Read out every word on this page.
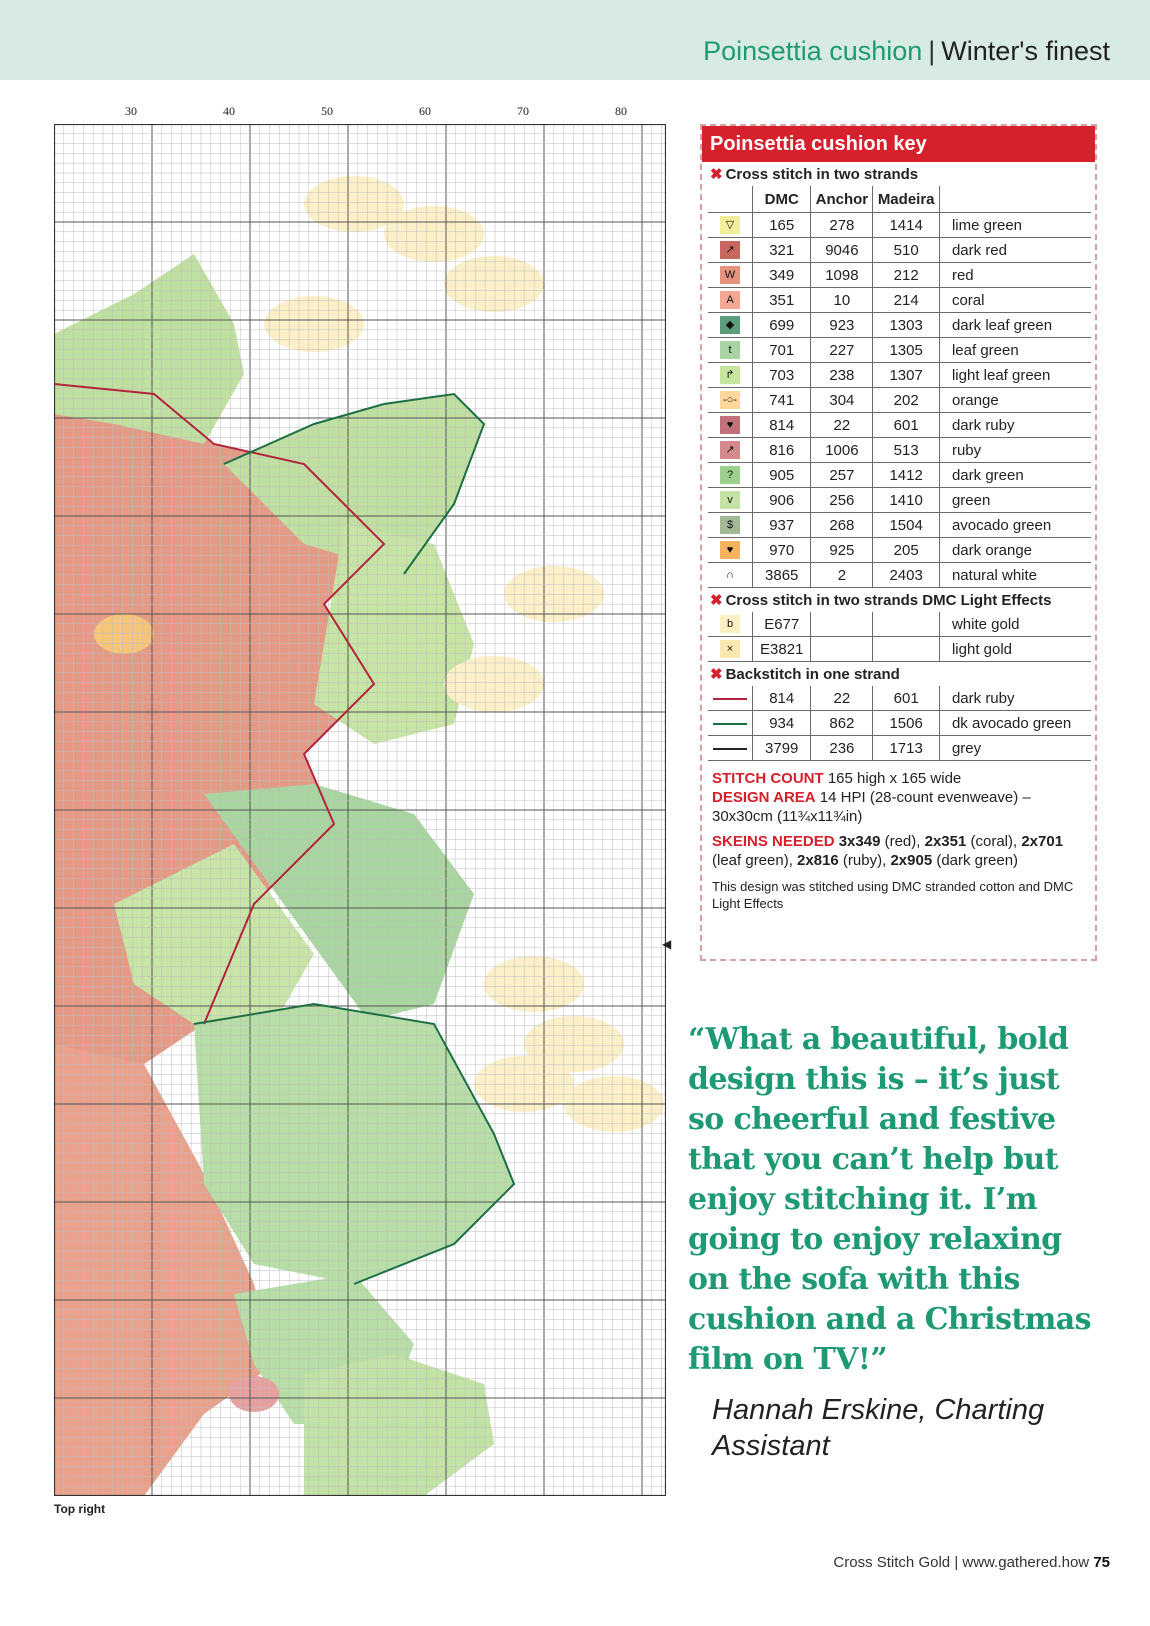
Poinsettia cushion | Winter's finest
30	40	50	60	70	80
◀
Top right
Poinsettia cushion key
✖ Cross stitch in two strands				
	DMC	Anchor	Madeira	
▽	165	278	1414	lime green
↗	321	9046	510	dark red
W	349	1098	212	red
A	351	10	214	coral
◆	699	923	1303	dark leaf green
t	701	227	1305	leaf green
↱	703	238	1307	light leaf green
-○-	741	304	202	orange
♥	814	22	601	dark ruby
↗	816	1006	513	ruby
?	905	257	1412	dark green
v	906	256	1410	green
$	937	268	1504	avocado green
♥	970	925	205	dark orange
∩	3865	2	2403	natural white
✖ Cross stitch in two strands DMC Light Effects				
b	E677			white gold
×	E3821			light gold
✖ Backstitch in one strand				
	814	22	601	dark ruby
	934	862	1506	dk avocado green
	3799	236	1713	grey
STITCH COUNT 165 high x 165 wide
DESIGN AREA 14 HPI (28-count evenweave) – 30x30cm (11¾x11¾in)
SKEINS NEEDED 3x349 (red), 2x351 (coral), 2x701 (leaf green), 2x816 (ruby), 2x905 (dark green)
This design was stitched using DMC stranded cotton and DMC Light Effects
“What a beautiful, bold design this is – it’s just so cheerful and festive that you can’t help but enjoy stitching it. I’m going to enjoy relaxing on the sofa with this cushion and a Christmas film on TV!”
Hannah Erskine, Charting Assistant
Cross Stitch Gold | www.gathered.how 75
